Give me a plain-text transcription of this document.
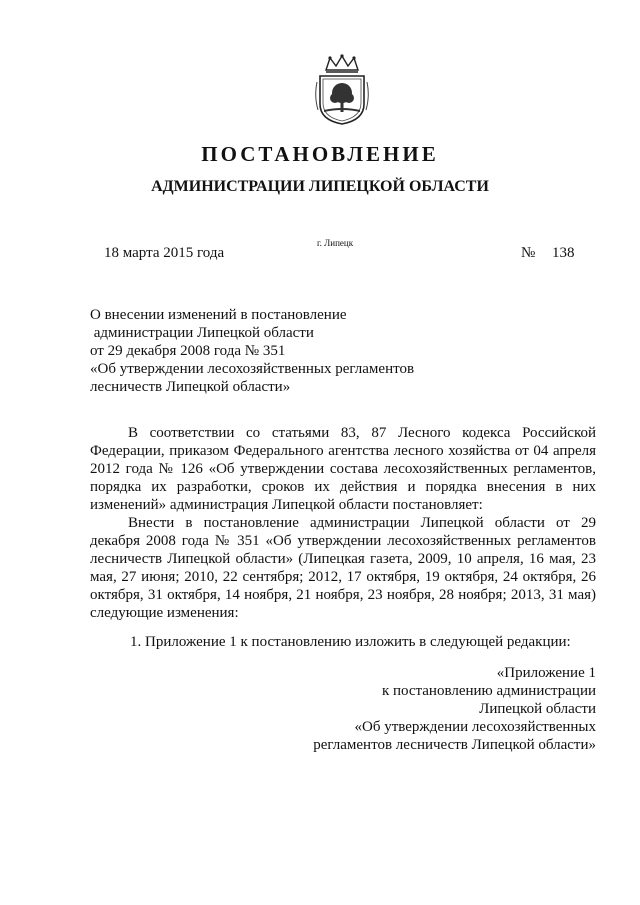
ПОСТАНОВЛЕНИЕ
АДМИНИСТРАЦИИ ЛИПЕЦКОЙ ОБЛАСТИ
18 марта 2015 года
г. Липецк
№ 138
О внесении изменений в постановление
администрации Липецкой области
от 29 декабря 2008 года № 351
«Об утверждении лесохозяйственных регламентов
лесничеств Липецкой области»

В соответствии со статьями 83, 87 Лесного кодекса Российской Федерации, приказом Федерального агентства лесного хозяйства от 04 апреля 2012 года № 126 «Об утверждении состава лесохозяйственных регламентов, порядка их разработки, сроков их действия и порядка внесения в них изменений» администрация Липецкой области постановляет:

Внести в постановление администрации Липецкой области от 29 декабря 2008 года № 351 «Об утверждении лесохозяйственных регламентов лесничеств Липецкой области» (Липецкая газета, 2009, 10 апреля, 16 мая, 23 мая, 27 июня; 2010, 22 сентября; 2012, 17 октября, 19 октября, 24 октября, 26 октября, 31 октября, 14 ноября, 21 ноября, 23 ноября, 28 ноября; 2013, 31 мая) следующие изменения:

1. Приложение 1 к постановлению изложить в следующей редакции:
«Приложение 1
к постановлению администрации
Липецкой области
«Об утверждении лесохозяйственных
регламентов лесничеств Липецкой области»
